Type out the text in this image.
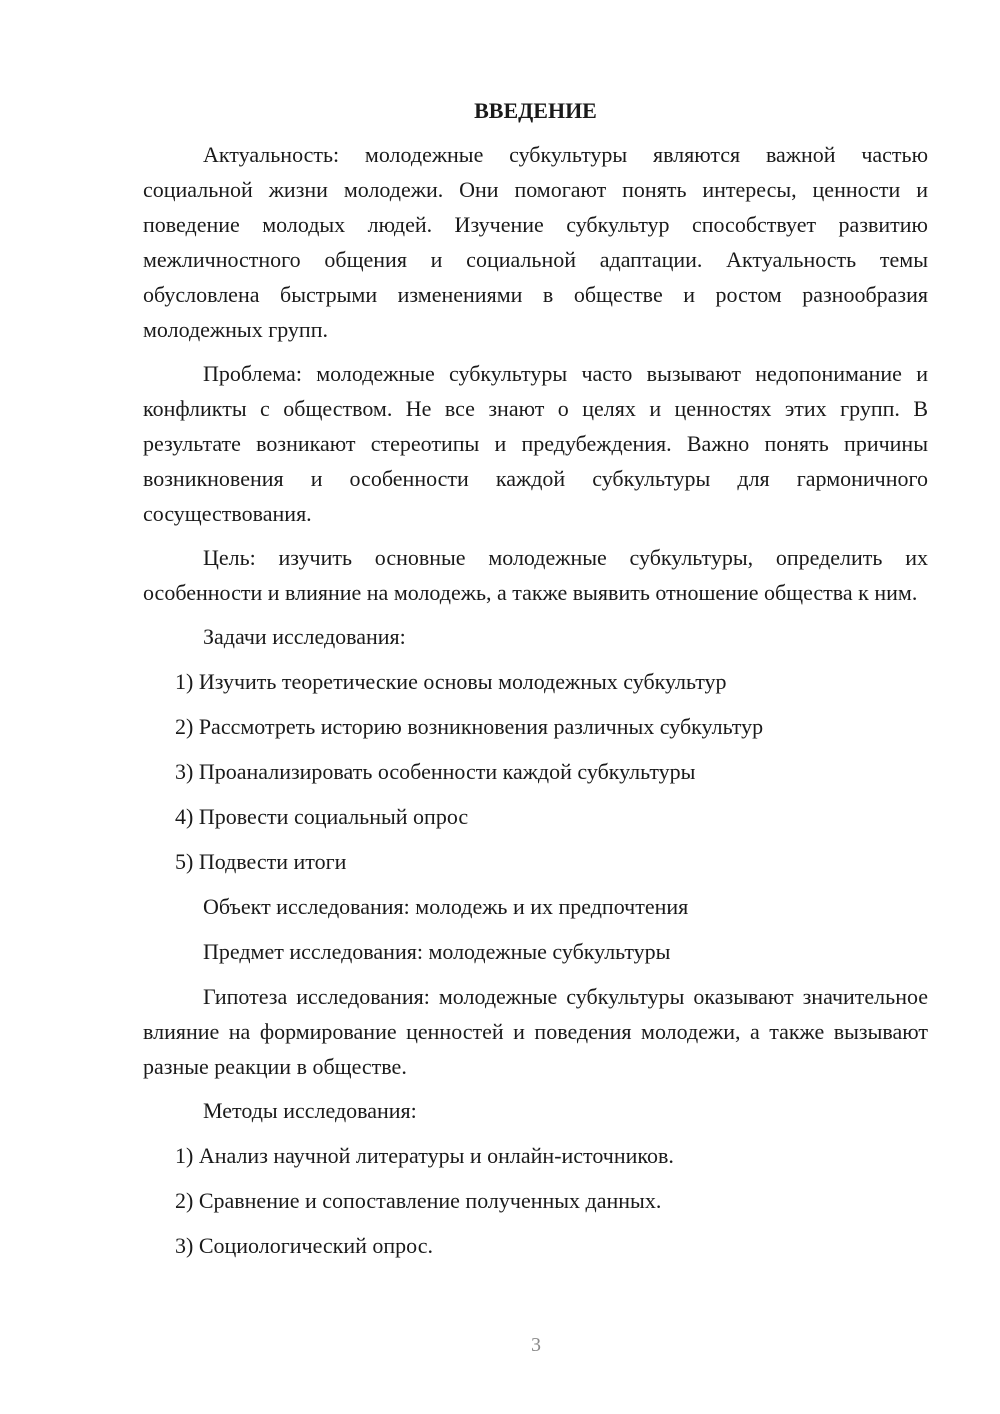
ВВЕДЕНИЕ

Актуальность: молодежные субкультуры являются важной частью социальной жизни молодежи. Они помогают понять интересы, ценности и поведение молодых людей. Изучение субкультур способствует развитию межличностного общения и социальной адаптации. Актуальность темы обусловлена быстрыми изменениями в обществе и ростом разнообразия молодежных групп.

Проблема: молодежные субкультуры часто вызывают недопонимание и конфликты с обществом. Не все знают о целях и ценностях этих групп. В результате возникают стереотипы и предубеждения. Важно понять причины возникновения и особенности каждой субкультуры для гармоничного сосуществования.

Цель: изучить основные молодежные субкультуры, определить их особенности и влияние на молодежь, а также выявить отношение общества к ним.

Задачи исследования:

1) Изучить теоретические основы молодежных субкультур

2) Рассмотреть историю возникновения различных субкультур

3) Проанализировать особенности каждой субкультуры

4) Провести социальный опрос

5) Подвести итоги

Объект исследования: молодежь и их предпочтения

Предмет исследования: молодежные субкультуры

Гипотеза исследования: молодежные субкультуры оказывают значительное влияние на формирование ценностей и поведения молодежи, а также вызывают разные реакции в обществе.

Методы исследования:

1) Анализ научной литературы и онлайн-источников.

2) Сравнение и сопоставление полученных данных.

3) Социологический опрос.

3
